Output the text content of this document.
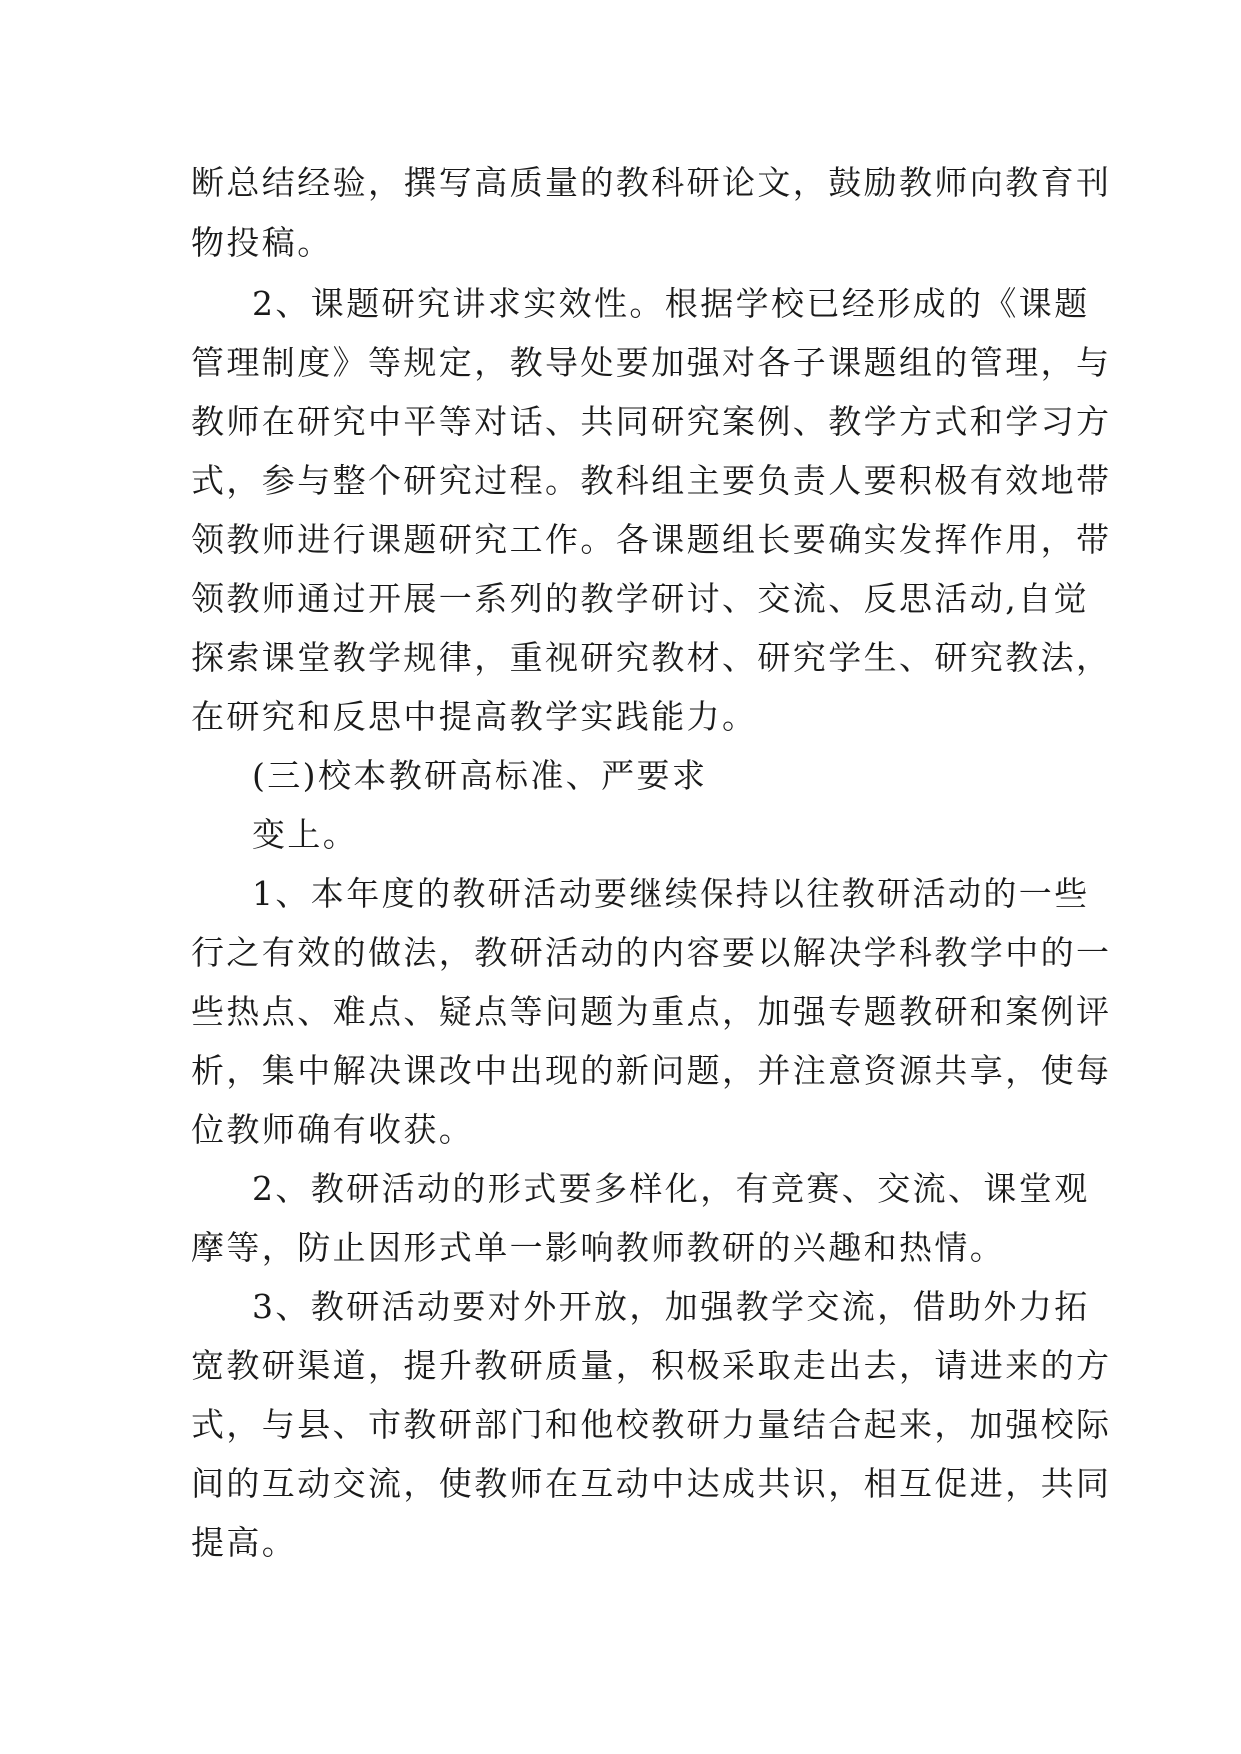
断总结经验，撰写高质量的教科研论文，鼓励教师向教育刊

物投稿。

2、课题研究讲求实效性。根据学校已经形成的《课题

管理制度》等规定，教导处要加强对各子课题组的管理，与

教师在研究中平等对话、共同研究案例、教学方式和学习方

式，参与整个研究过程。教科组主要负责人要积极有效地带

领教师进行课题研究工作。各课题组长要确实发挥作用，带

领教师通过开展一系列的教学研讨、交流、反思活动,自觉

探索课堂教学规律，重视研究教材、研究学生、研究教法，

在研究和反思中提高教学实践能力。

(三)校本教研高标准、严要求

变上。

1、本年度的教研活动要继续保持以往教研活动的一些

行之有效的做法，教研活动的内容要以解决学科教学中的一

些热点、难点、疑点等问题为重点，加强专题教研和案例评

析，集中解决课改中出现的新问题，并注意资源共享，使每

位教师确有收获。

2、教研活动的形式要多样化，有竞赛、交流、课堂观

摩等，防止因形式单一影响教师教研的兴趣和热情。

3、教研活动要对外开放，加强教学交流，借助外力拓

宽教研渠道，提升教研质量，积极采取走出去，请进来的方

式，与县、市教研部门和他校教研力量结合起来，加强校际

间的互动交流，使教师在互动中达成共识，相互促进，共同

提高。
